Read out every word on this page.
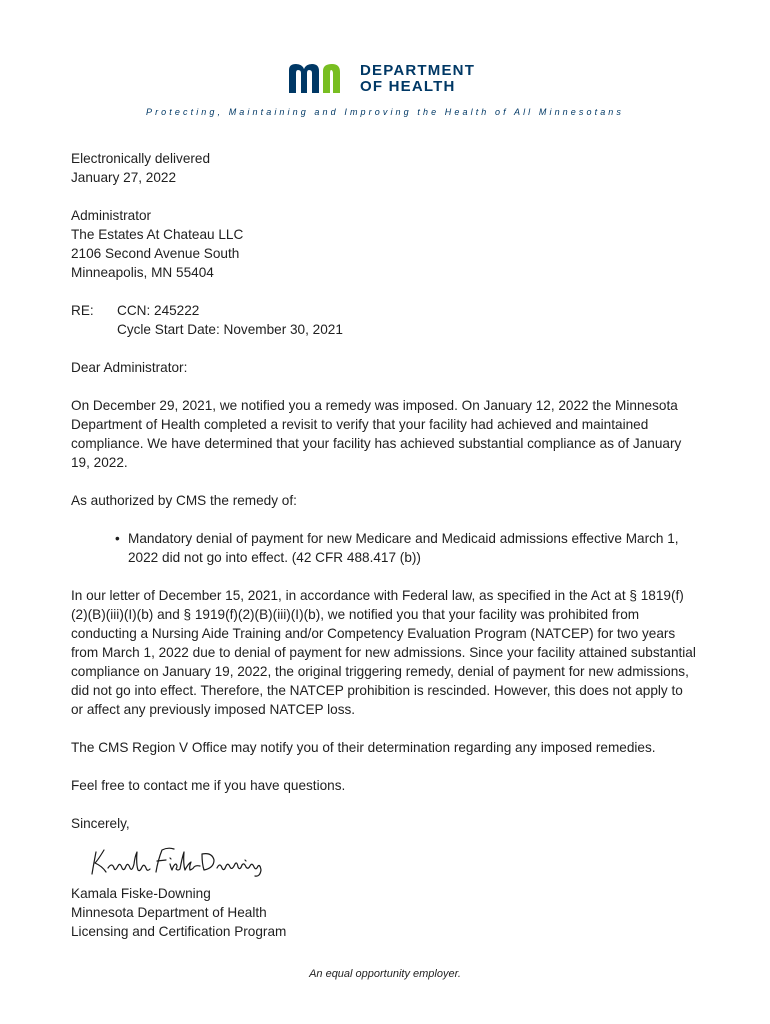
DEPARTMENT
OF HEALTH
Protecting, Maintaining and Improving the Health of All Minnesotans

Electronically delivered

January 27, 2022

Administrator

The Estates At Chateau LLC

2106 Second Avenue South

Minneapolis, MN 55404

RE:	CCN: 245222
Cycle Start Date: November 30, 2021

Dear Administrator:

On December 29, 2021, we notified you a remedy was imposed. On January 12, 2022 the Minnesota Department of Health completed a revisit to verify that your facility had achieved and maintained compliance. We have determined that your facility has achieved substantial compliance as of January 19, 2022.

As authorized by CMS the remedy of:

• Mandatory denial of payment for new Medicare and Medicaid admissions effective March 1, 2022 did not go into effect. (42 CFR 488.417 (b))

In our letter of December 15, 2021, in accordance with Federal law, as specified in the Act at § 1819(f)(2)(B)(iii)(I)(b) and § 1919(f)(2)(B)(iii)(I)(b), we notified you that your facility was prohibited from conducting a Nursing Aide Training and/or Competency Evaluation Program (NATCEP) for two years from March 1, 2022 due to denial of payment for new admissions. Since your facility attained substantial compliance on January 19, 2022, the original triggering remedy, denial of payment for new admissions, did not go into effect. Therefore, the NATCEP prohibition is rescinded. However, this does not apply to or affect any previously imposed NATCEP loss.

The CMS Region V Office may notify you of their determination regarding any imposed remedies.

Feel free to contact me if you have questions.

Sincerely,

Kamala Fiske-Downing

Minnesota Department of Health

Licensing and Certification Program

An equal opportunity employer.
